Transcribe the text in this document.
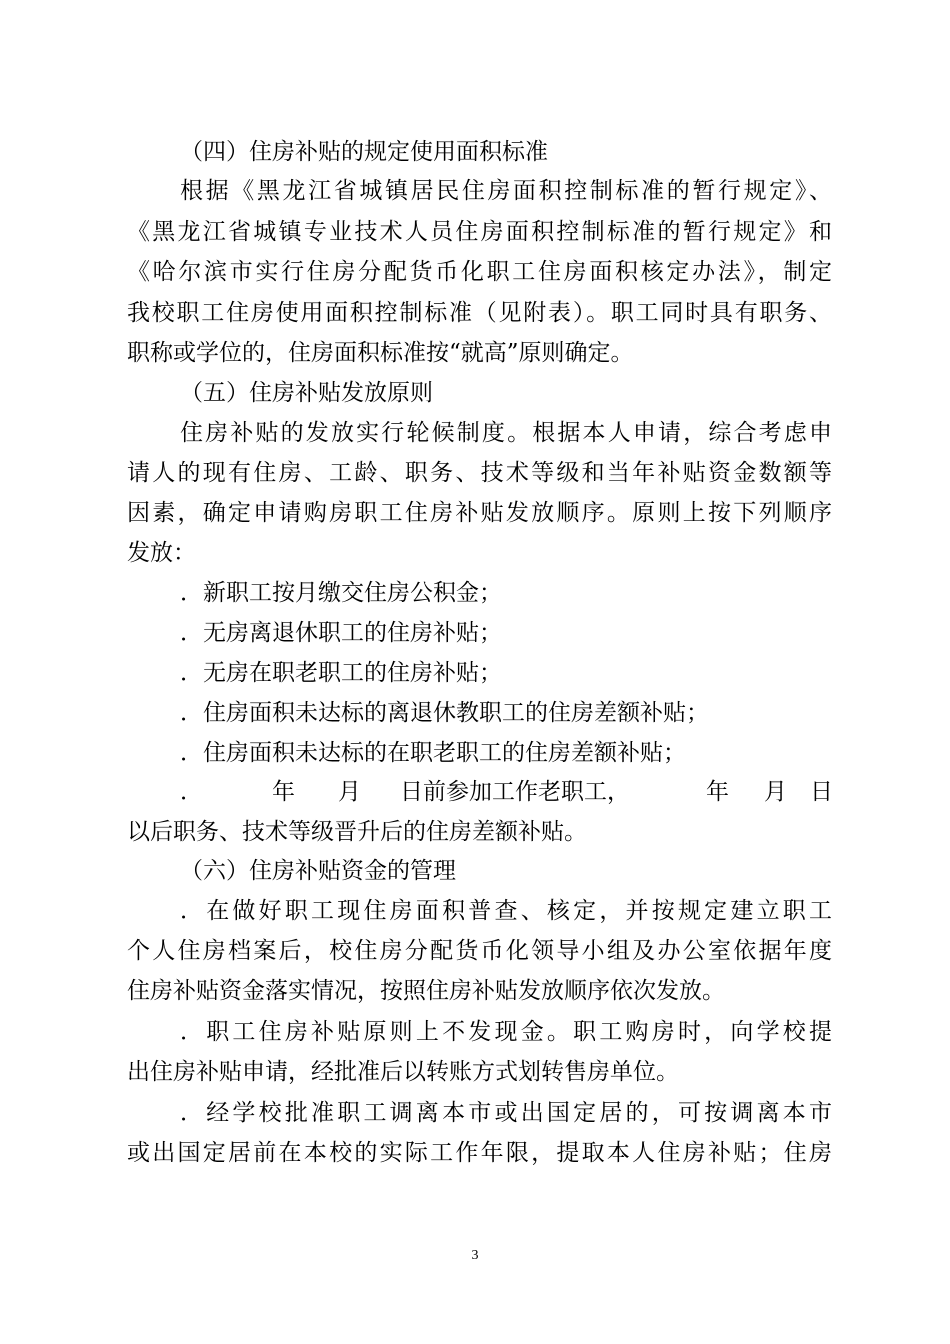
（四）住房补贴的规定使用面积标准
根据《黑龙江省城镇居民住房面积控制标准的暂行规定》、
《黑龙江省城镇专业技术人员住房面积控制标准的暂行规定》和
《哈尔滨市实行住房分配货币化职工住房面积核定办法》，制定
我校职工住房使用面积控制标准（见附表）。职工同时具有职务、
职称或学位的，住房面积标准按“就高”原则确定。
（五）住房补贴发放原则
住房补贴的发放实行轮候制度。根据本人申请，综合考虑申
请人的现有住房、工龄、职务、技术等级和当年补贴资金数额等
因素，确定申请购房职工住房补贴发放顺序。原则上按下列顺序
发放：
．新职工按月缴交住房公积金；
．无房离退休职工的住房补贴；
．无房在职老职工的住房补贴；
．住房面积未达标的离退休教职工的住房差额补贴；
．住房面积未达标的在职老职工的住房差额补贴；
．	年 月 日前参加工作老职工，	年 月 日
以后职务、技术等级晋升后的住房差额补贴。
（六）住房补贴资金的管理
．在做好职工现住房面积普查、核定，并按规定建立职工
个人住房档案后，校住房分配货币化领导小组及办公室依据年度
住房补贴资金落实情况，按照住房补贴发放顺序依次发放。
．职工住房补贴原则上不发现金。职工购房时，向学校提
出住房补贴申请，经批准后以转账方式划转售房单位。
．经学校批准职工调离本市或出国定居的，可按调离本市
或出国定居前在本校的实际工作年限，提取本人住房补贴；住房
3
